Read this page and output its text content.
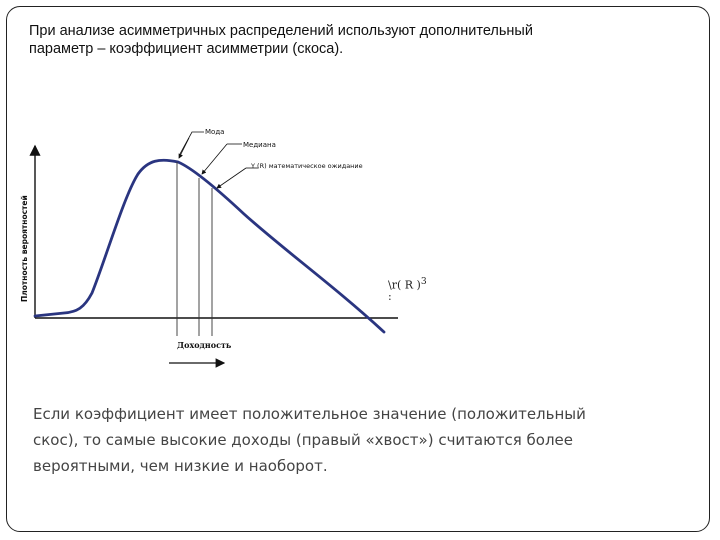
При анализе асимметричных распределений используют дополнительный
параметр – коэффициент асимметрии (скоса).
Плотность вероятностей
Доходность
Мода
Медиана
Y (R) математическое ожидание
\r( R )$^3$
:
Если коэффициент имеет положительное значение (положительный
скос), то самые высокие доходы (правый «хвост») считаются более
вероятными, чем низкие и наоборот.
